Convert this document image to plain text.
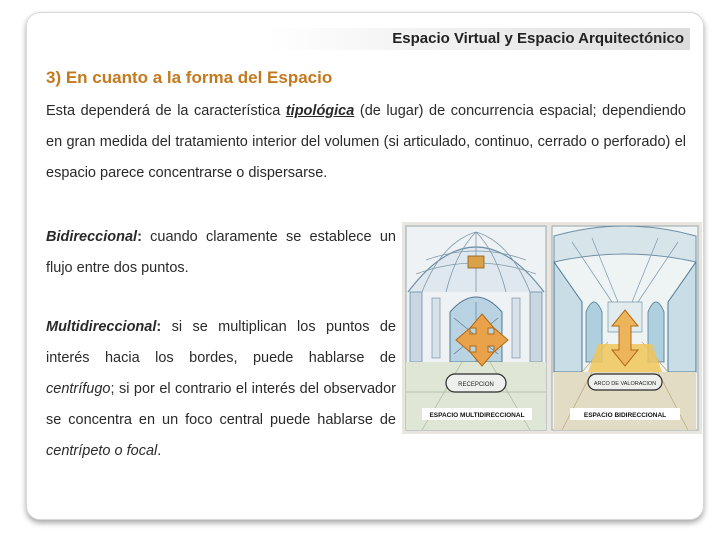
Espacio Virtual y Espacio Arquitectónico
3) En cuanto a la forma del Espacio
Esta dependerá de la característica tipológica (de lugar) de concurrencia espacial; dependiendo en gran medida del tratamiento interior del volumen (si articulado, continuo, cerrado o perforado) el espacio parece concentrarse o dispersarse.
Bidireccional: cuando claramente se establece un flujo entre dos puntos.
Multidireccional: si se multiplican los puntos de interés hacia los bordes, puede hablarse de centrífugo; si por el contrario el interés del observador se concentra en un foco central puede hablarse de centrípeto o focal.
RECEPCION
ESPACIO MULTIDIRECCIONAL
ARCO DE VALORACION
ESPACIO BIDIRECCIONAL
